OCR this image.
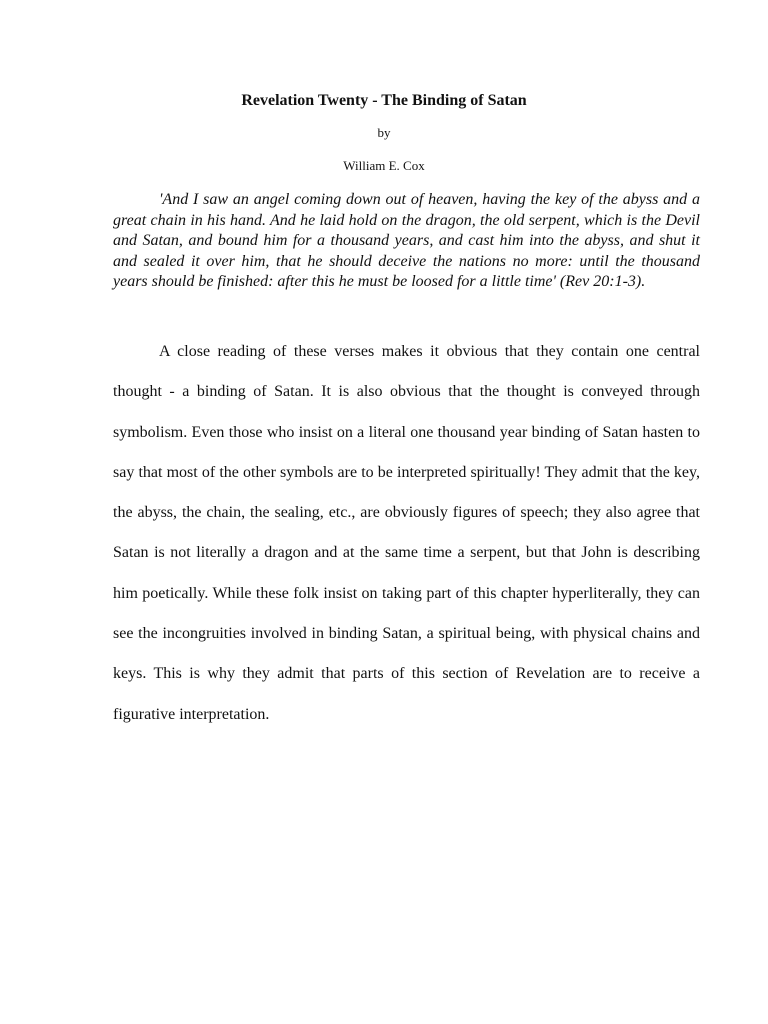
Revelation Twenty - The Binding of Satan
by
William E. Cox

'And I saw an angel coming down out of heaven, having the key of the abyss and a great chain in his hand. And he laid hold on the dragon, the old serpent, which is the Devil and Satan, and bound him for a thousand years, and cast him into the abyss, and shut it and sealed it over him, that he should deceive the nations no more: until the thousand years should be finished: after this he must be loosed for a little time' (Rev 20:1-3).

A close reading of these verses makes it obvious that they contain one central thought - a binding of Satan. It is also obvious that the thought is conveyed through symbolism. Even those who insist on a literal one thousand year binding of Satan hasten to say that most of the other symbols are to be interpreted spiritually! They admit that the key, the abyss, the chain, the sealing, etc., are obviously figures of speech; they also agree that Satan is not literally a dragon and at the same time a serpent, but that John is describing him poetically. While these folk insist on taking part of this chapter hyperliterally, they can see the incongruities involved in binding Satan, a spiritual being, with physical chains and keys. This is why they admit that parts of this section of Revelation are to receive a figurative interpretation.
